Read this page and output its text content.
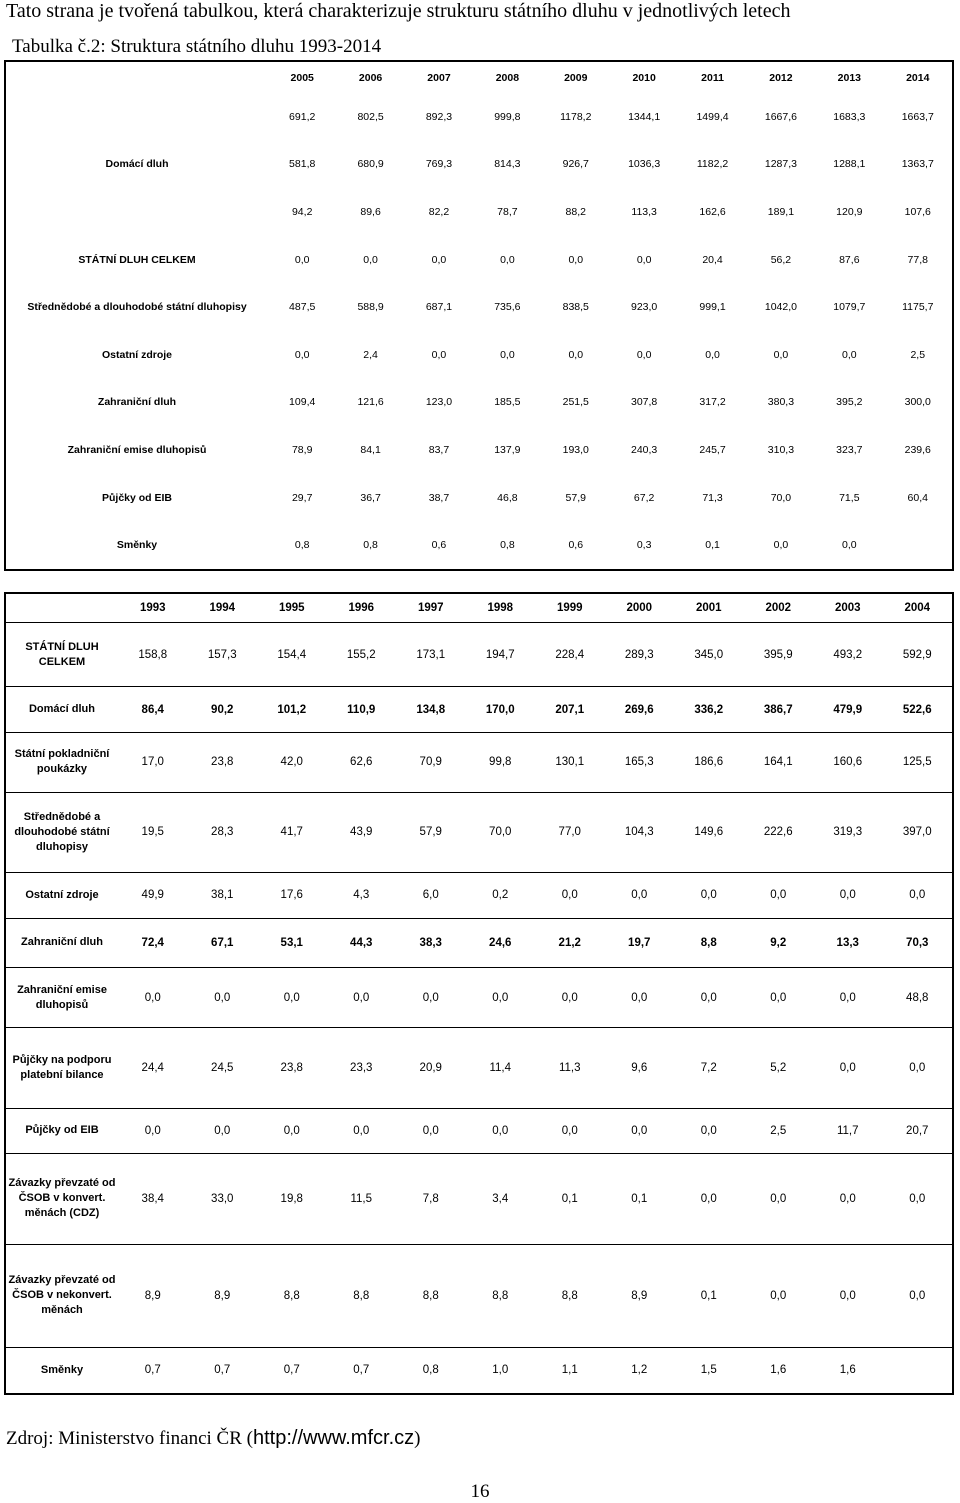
Tato strana je tvořená tabulkou, která charakterizuje strukturu státního dluhu v jednotlivých letech
Tabulka č.2: Struktura státního dluhu 1993-2014
	2005	2006	2007	2008	2009	2010	2011	2012	2013	2014
	691,2	802,5	892,3	999,8	1178,2	1344,1	1499,4	1667,6	1683,3	1663,7
Domácí dluh	581,8	680,9	769,3	814,3	926,7	1036,3	1182,2	1287,3	1288,1	1363,7
	94,2	89,6	82,2	78,7	88,2	113,3	162,6	189,1	120,9	107,6
STÁTNÍ DLUH CELKEM	0,0	0,0	0,0	0,0	0,0	0,0	20,4	56,2	87,6	77,8
Střednědobé a dlouhodobé státní dluhopisy	487,5	588,9	687,1	735,6	838,5	923,0	999,1	1042,0	1079,7	1175,7
Ostatní zdroje	0,0	2,4	0,0	0,0	0,0	0,0	0,0	0,0	0,0	2,5
Zahraniční dluh	109,4	121,6	123,0	185,5	251,5	307,8	317,2	380,3	395,2	300,0
Zahraniční emise dluhopisů	78,9	84,1	83,7	137,9	193,0	240,3	245,7	310,3	323,7	239,6
Půjčky od EIB	29,7	36,7	38,7	46,8	57,9	67,2	71,3	70,0	71,5	60,4
Směnky	0,8	0,8	0,6	0,8	0,6	0,3	0,1	0,0	0,0	
	1993	1994	1995	1996	1997	1998	1999	2000	2001	2002	2003	2004
STÁTNÍ DLUH CELKEM	158,8	157,3	154,4	155,2	173,1	194,7	228,4	289,3	345,0	395,9	493,2	592,9
Domácí dluh	86,4	90,2	101,2	110,9	134,8	170,0	207,1	269,6	336,2	386,7	479,9	522,6
Státní pokladniční poukázky	17,0	23,8	42,0	62,6	70,9	99,8	130,1	165,3	186,6	164,1	160,6	125,5
Střednědobé a dlouhodobé státní dluhopisy	19,5	28,3	41,7	43,9	57,9	70,0	77,0	104,3	149,6	222,6	319,3	397,0
Ostatní zdroje	49,9	38,1	17,6	4,3	6,0	0,2	0,0	0,0	0,0	0,0	0,0	0,0
Zahraniční dluh	72,4	67,1	53,1	44,3	38,3	24,6	21,2	19,7	8,8	9,2	13,3	70,3
Zahraniční emise dluhopisů	0,0	0,0	0,0	0,0	0,0	0,0	0,0	0,0	0,0	0,0	0,0	48,8
Půjčky na podporu platební bilance	24,4	24,5	23,8	23,3	20,9	11,4	11,3	9,6	7,2	5,2	0,0	0,0
Půjčky od EIB	0,0	0,0	0,0	0,0	0,0	0,0	0,0	0,0	0,0	2,5	11,7	20,7
Závazky převzaté od ČSOB v konvert. měnách (CDZ)	38,4	33,0	19,8	11,5	7,8	3,4	0,1	0,1	0,0	0,0	0,0	0,0
Závazky převzaté od ČSOB v nekonvert. měnách	8,9	8,9	8,8	8,8	8,8	8,8	8,8	8,9	0,1	0,0	0,0	0,0
Směnky	0,7	0,7	0,7	0,7	0,8	1,0	1,1	1,2	1,5	1,6	1,6	
Zdroj: Ministerstvo financi ČR (http://www.mfcr.cz)
16
